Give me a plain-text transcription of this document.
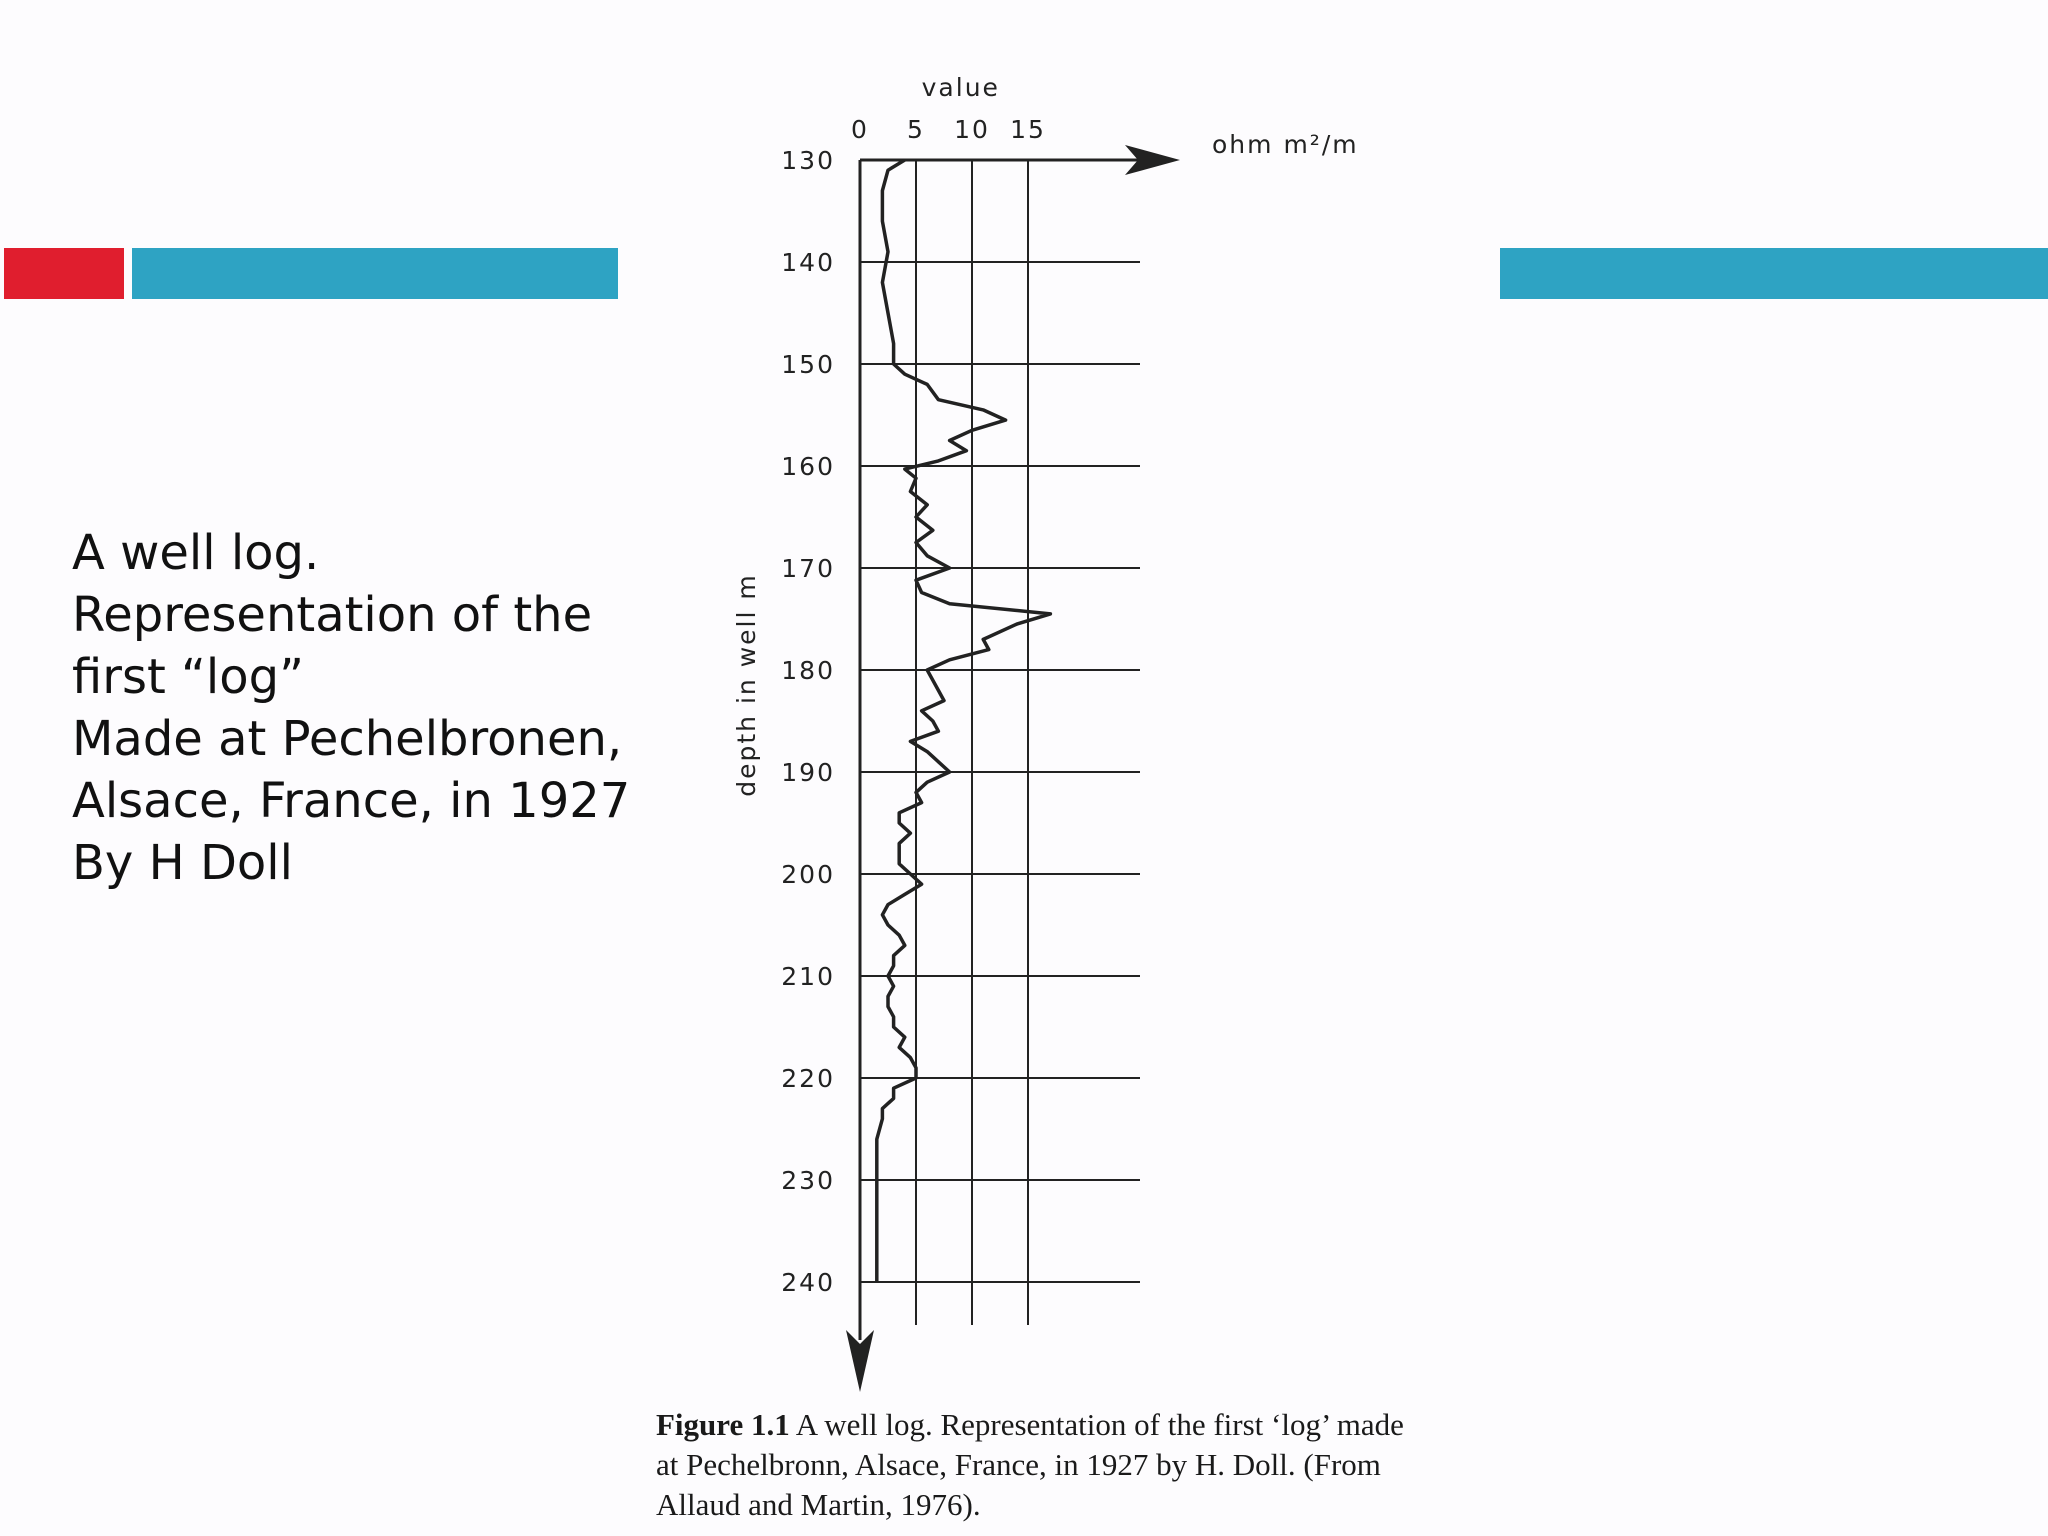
A well log.
Representation of the
first “log”
Made at Pechelbronen,
Alsace, France, in 1927
By H Doll
130
140
150
160
170
180
190
200
210
220
230
240
0 5 10 15
value
ohm m²/m
depth in well m
Figure 1.1 A well log. Representation of the first ‘log’ made
at Pechelbronn, Alsace, France, in 1927 by H. Doll. (From
Allaud and Martin, 1976).
